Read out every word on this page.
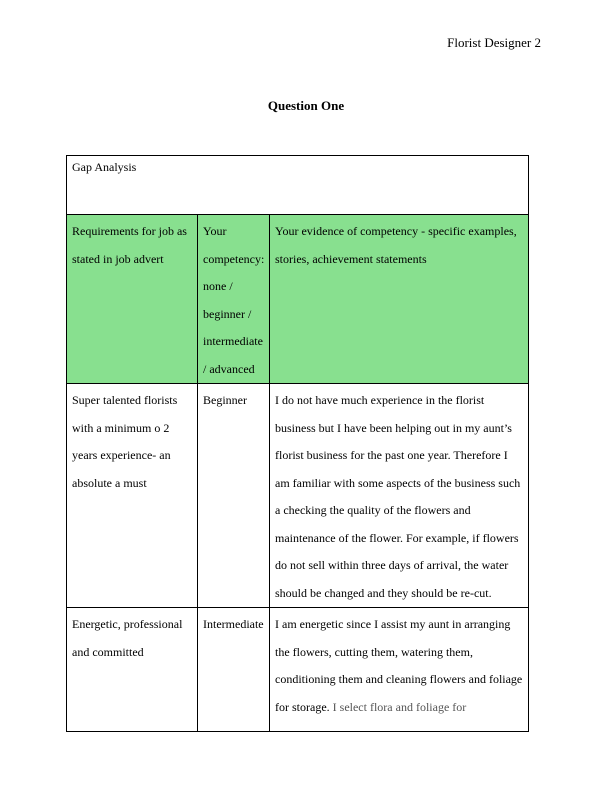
Florist Designer 2
Question One
Gap Analysis		
Requirements for job as stated in job advert	Your competency: none / beginner / intermediate / advanced	Your evidence of competency - specific examples, stories, achievement statements
Super talented florists with a minimum o 2 years experience- an absolute a must	Beginner	I do not have much experience in the florist business but I have been helping out in my aunt’s florist business for the past one year. Therefore I am familiar with some aspects of the business such a checking the quality of the flowers and maintenance of the flower. For example, if flowers do not sell within three days of arrival, the water should be changed and they should be re-cut.

Energetic, professional and committed	Intermediate	I am energetic since I assist my aunt in arranging the flowers, cutting them, watering them, conditioning them and cleaning flowers and foliage for storage. I select flora and foliage for
